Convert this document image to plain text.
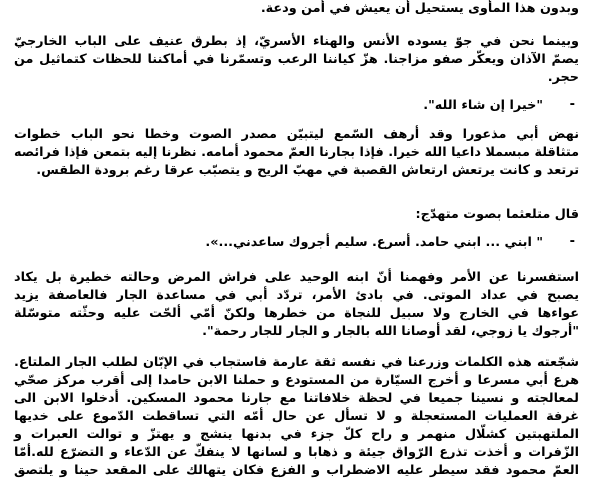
وبدون هذا المأوى يستحيل أن يعيش في أمن ودعة.
وبينما نحن في جوّ يسوده الأنس والهناء الأسريّ، إذ بطرق عنيف على الباب الخارجيّ
يصمّ الآذان ويعكّر صفو مزاجنا. هزّ كياننا الرعب وتسمّرنا في أماكننا للحظات كتماثيل من
حجر.
-
"خيرا إن شاء الله".
نهض أبي مذعورا وقد أرهف السّمع ليتبيّن مصدر الصوت وخطا نحو الباب خطوات
متثاقلة مبسملا داعيا الله خيرا. فإذا بجارنا العمّ محمود أمامه. نظرنا إليه بتمعن فإذا فرائصه
ترتعد و كانت يرتعش ارتعاش القصبة في مهبّ الريح و يتصبّب عرقا رغم برودة الطقس.
قال متلعثما بصوت متهدّج:
-
" ابني ... ابني حامد. أسرع. سليم أجروك ساعدني...».
استفسرنا عن الأمر وفهمنا أنّ ابنه الوحيد على فراش المرض وحالته خطيرة بل يكاد
يصبح في عداد الموتى. في بادئ الأمر، تردّد أبي في مساعدة الجار فالعاصفة يزيد
عواءها في الخارج ولا سبيل للنجاة من خطرها ولكنّ أمّي ألحّت عليه وحثّته متوسّلة
"أرجوك يا زوجي، لقد أوصانا الله بالجار و الجار للجار رحمة".
شجّعته هذه الكلمات وزرعنا في نفسه ثقة عارمة فاستجاب في الإبّان لطلب الجار الملتاع.
هرع أبي مسرعا و أخرج السيّارة من المستودع و حملنا الابن حامدا إلى أقرب مركز صحّي
لمعالجته و نسينا جميعا في لحظة خلافاتنا مع جارنا محمود المسكين. أدخلوا الابن الى
غرفة العمليات المستعجلة و لا تسأل عن حال أمّه التي تساقطت الدّموع على خديها
الملتهبتين كشلّال منهمر و راح كلّ جزء في بدنها ينشج و يهتزّ و توالت العبرات و
الزّفرات و أخذت تذرع الرّواق جيئة و ذهابا و لسانها لا ينفكّ عن الدّعاء و التضرّع لله.أمّا
العمّ محمود فقد سيطر عليه الاضطراب و الفزع فكان يتهالك على المقعد حينا و يلتصق
